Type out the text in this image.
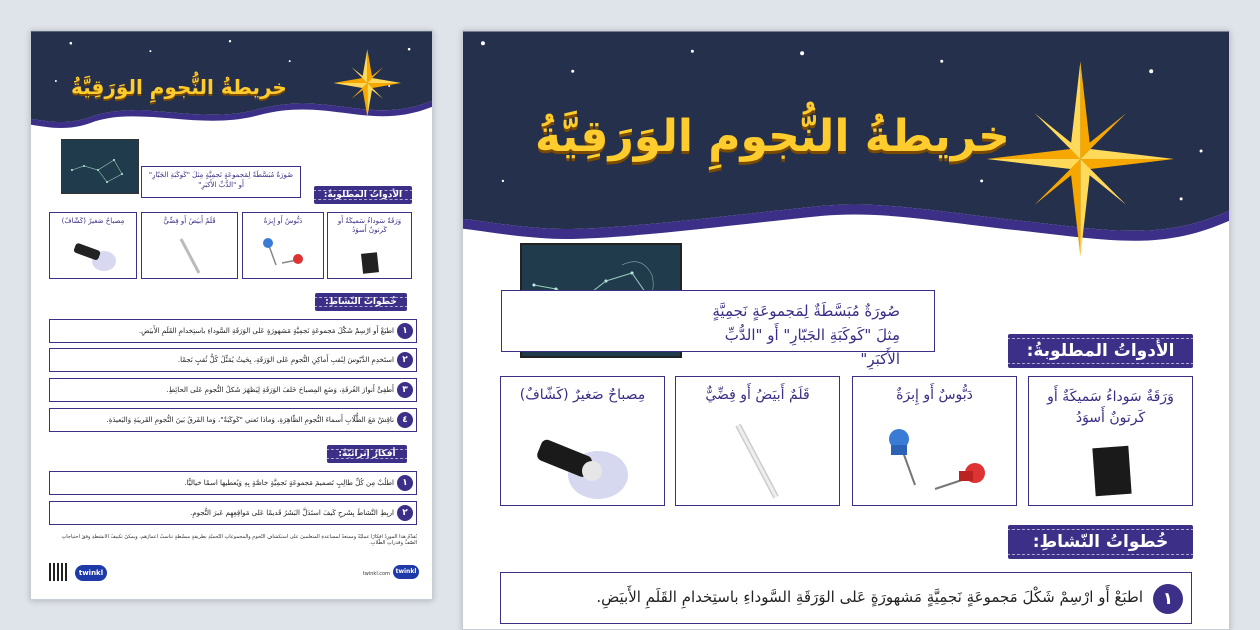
خريطةُ النُّجومِ الوَرَقِيَّةُ
صُورَةٌ مُبَسَّطَةٌ لِمَجموعَةٍ نَجمِيَّةٍ مِثلَ "كَوكَبَةِ الجَبّارِ" أَو "الدُّبِّ الأَكبَرِ"
الأدواتُ المطلوبةُ:
وَرَقَةٌ سَوداءُ سَميكَةٌ أَو كَرتونٌ أَسوَدُ
دَبُّوسٌ أَو إِبرَةٌ
قَلَمٌ أَبيَضُ أَو فِضِّيٌّ
مِصباحٌ صَغيرٌ (كَشّافٌ)
خُطواتُ النّشاطِ:
اطبَعْ أَو ارْسِمْ شَكْلَ مَجموعَةٍ نَجمِيَّةٍ مَشهورَةٍ عَلى الوَرَقَةِ السَّوداءِ باستِخدامِ القَلَمِ الأَبيَضِ. ١
استَخدِمِ الدَّبّوسَ لِثَقبِ أَماكِنِ النُّجومِ عَلى الوَرَقَةِ، بِحَيثُ يُمَثِّلُ كُلُّ ثُقبٍ نَجمًا. ٢
أَطفِئْ أَنوارَ الغُرفَةِ، وَضَعِ المِصباحَ خَلفَ الوَرَقَةِ لِيَظهَرَ شَكلُ النُّجومِ عَلى الحائِطِ. ٣
ناقِشْ مَعَ الطُّلّابِ أَسماءَ النُّجومِ الظّاهِرَةِ، وَماذا تَعني "كَوكَبَةٌ"، وَما الفَرقُ بَينَ النُّجومِ القَريبَةِ وَالبَعيدَةِ. ٤
أفكارٌ إثرائيّةٌ:
اطلُبْ مِن كُلِّ طالِبٍ تَصميمَ مَجموعَةٍ نَجمِيَّةٍ خاصَّةٍ بِهِ وَيُعطيها اسمًا خياليًّا. ١
اربِطِ النَّشاطَ بِشَرحِ كَيفَ استَدَلَّ البَشَرُ قَديمًا عَلى مَواقِعِهِم عَبرَ النُّجومِ. ٢
يُقدِّمُ هذا المورِدُ أفكارًا عمليّةً وممتعةً لمساعدةِ المتعلّمينَ على استكشافِ النّجومِ والمجموعاتِ النّجميّةِ بطريقةٍ مبسّطةٍ تناسبُ أعمارَهم، ويمكنُ تكييفُ الأنشطةِ وفقَ احتياجاتِ الصّفِّ وقدراتِ الطّلابِ.
twinkl	twinkl.com twinkl
خريطةُ النُّجومِ الوَرَقِيَّةُ
صُورَةٌ مُبَسَّطَةٌ لِمَجموعَةٍ نَجمِيَّةٍ مِثلَ "كَوكَبَةِ الجَبّارِ" أَو "الدُّبِّ الأَكبَرِ"	الأدواتُ المطلوبةُ:
وَرَقَةٌ سَوداءُ سَميكَةٌ أَو كَرتونٌ أَسوَدُ
دَبُّوسٌ أَو إِبرَةٌ
قَلَمٌ أَبيَضُ أَو فِضِّيٌّ
مِصباحٌ صَغيرٌ (كَشّافٌ)
خُطواتُ النّشاطِ:
اطبَعْ أَو ارْسِمْ شَكْلَ مَجموعَةٍ نَجمِيَّةٍ مَشهورَةٍ عَلى الوَرَقَةِ السَّوداءِ باستِخدامِ القَلَمِ الأَبيَضِ.	١
